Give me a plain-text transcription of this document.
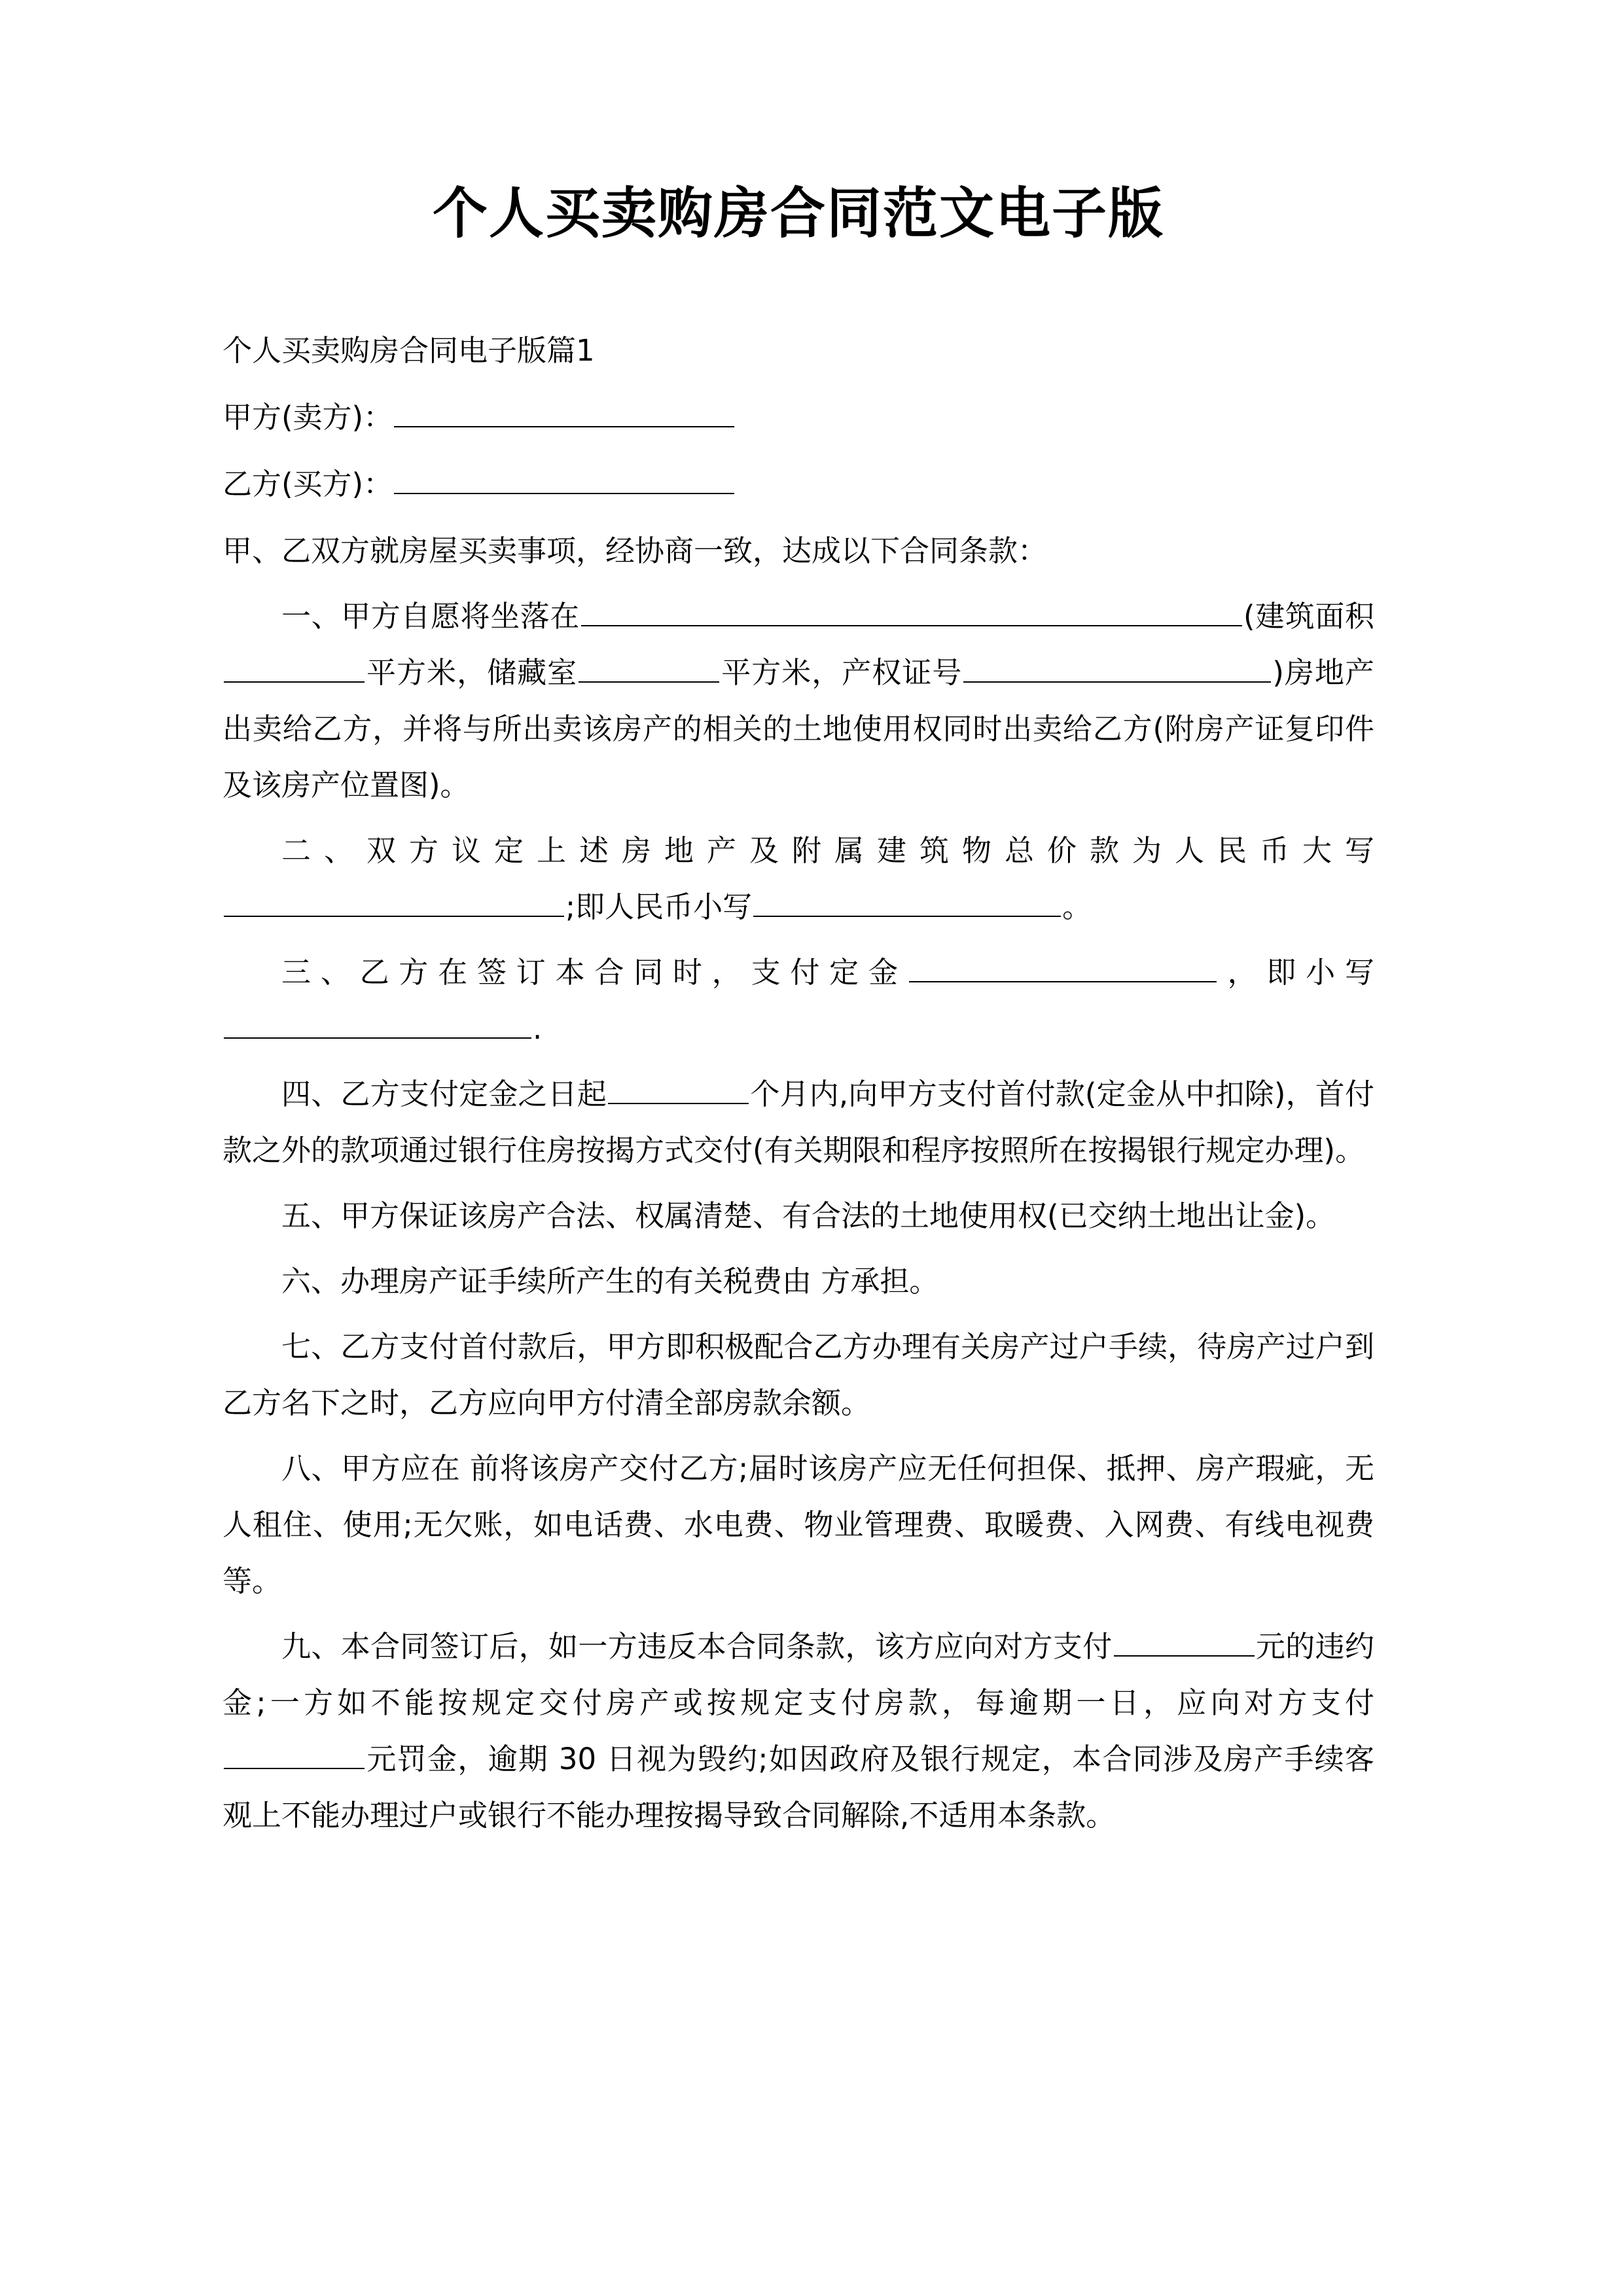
个人买卖购房合同范文电子版

个人买卖购房合同电子版篇1

甲方(卖方)：

乙方(买方)：

甲、乙双方就房屋买卖事项，经协商一致，达成以下合同条款：

一、甲方自愿将坐落在	(建筑面积平方米，储藏室	平方米，产权证号	)房地产出卖给乙方，并将与所出卖该房产的相关的土地使用权同时出卖给乙方(附房产证复印件及该房产位置图)。

二、双方议定上述房地产及附属建筑物总价款为人民币大写;即人民币小写	。

三、乙方在签订本合同时，支付定金	，即小写.

四、乙方支付定金之日起	个月内,向甲方支付首付款(定金从中扣除)，首付款之外的款项通过银行住房按揭方式交付(有关期限和程序按照所在按揭银行规定办理)。

五、甲方保证该房产合法、权属清楚、有合法的土地使用权(已交纳土地出让金)。

六、办理房产证手续所产生的有关税费由 方承担。

七、乙方支付首付款后，甲方即积极配合乙方办理有关房产过户手续，待房产过户到乙方名下之时，乙方应向甲方付清全部房款余额。

八、甲方应在 前将该房产交付乙方;届时该房产应无任何担保、抵押、房产瑕疵，无人租住、使用;无欠账，如电话费、水电费、物业管理费、取暖费、入网费、有线电视费等。

九、本合同签订后，如一方违反本合同条款，该方应向对方支付	元的违约金;一方如不能按规定交付房产或按规定支付房款，每逾期一日，应向对方支付元罚金，逾期 30 日视为毁约;如因政府及银行规定，本合同涉及房产手续客观上不能办理过户或银行不能办理按揭导致合同解除,不适用本条款。
